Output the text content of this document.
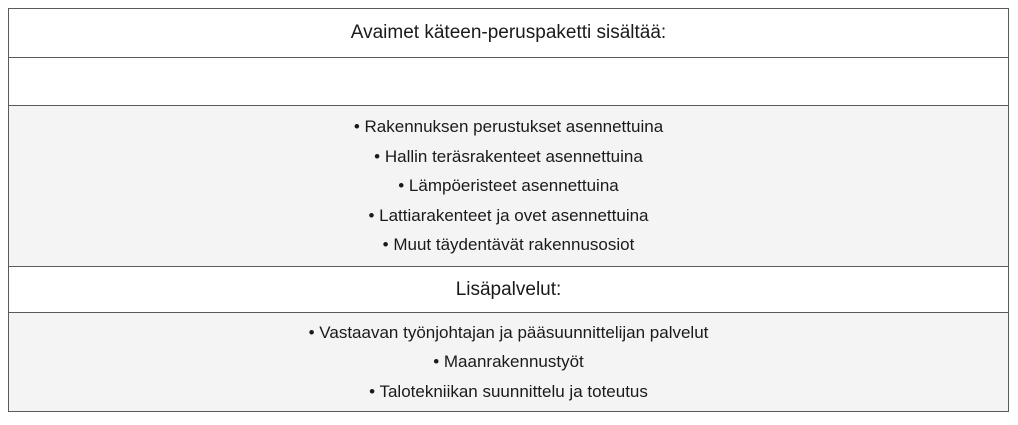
Avaimet käteen-peruspaketti sisältää:

• Rakennuksen perustukset asennettuina
• Hallin teräsrakenteet asennettuina
• Lämpöeristeet asennettuina
• Lattiarakenteet ja ovet asennettuina
• Muut täydentävät rakennusosiot

Lisäpalvelut:

• Vastaavan työnjohtajan ja pääsuunnittelijan palvelut
• Maanrakennustyöt
• Talotekniikan suunnittelu ja toteutus
